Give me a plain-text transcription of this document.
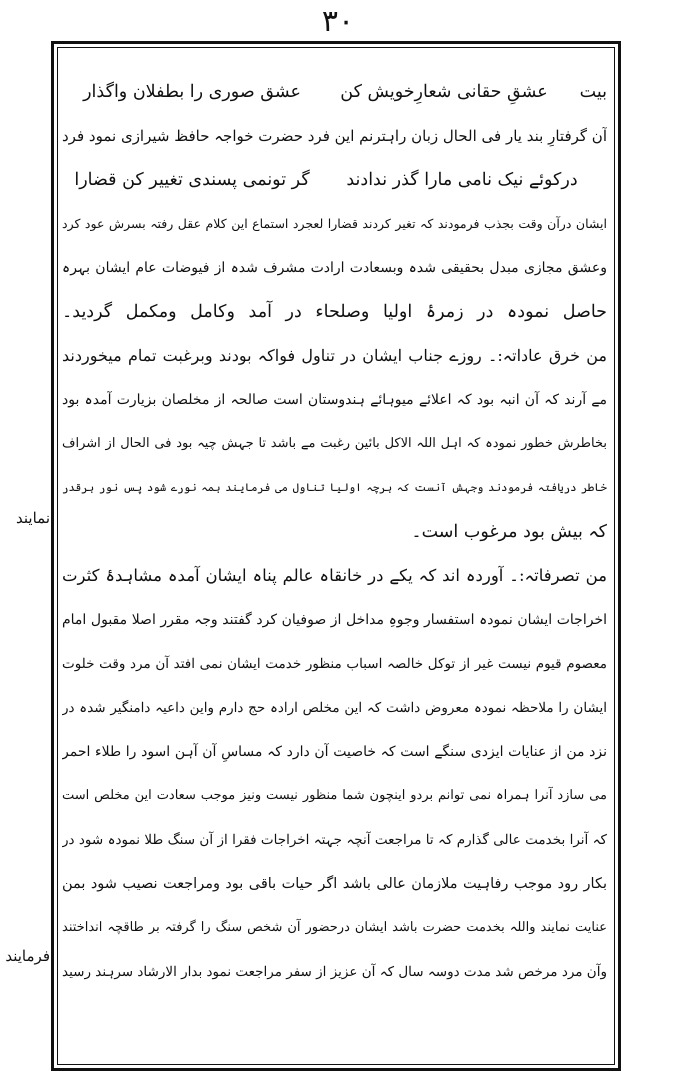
۳۰
نمایند
فرمایند
بیت
عشقِ حقانی شعارِخویش کن
عشق صوری را بطفلان واگذار
آن گرفتارِ بند یار فی الحال زبان راہترنم این فرد حضرت خواجہ حافظ شیرازی نمود فرد
درکوئے نیک نامی مارا گذر ندادند
گر تونمی پسندی تغییر کن قضارا
ایشان درآن وقت بجذب فرمودند کہ تغیر کردند قضارا لعجرد استماع این کلام عقل رفتہ بسرش عود کرد
وعشق مجازی مبدل بحقیقی شدہ وبسعادت ارادت مشرف شدہ از فیوضات عام ایشان بہرہ
حاصل نمودہ در زمرۂ اولیا وصلحاء در آمد وکامل ومکمل گردید۔
من خرق عاداتہ:۔ روزے جناب ایشان در تناول فواکہ بودند وبرغبت تمام میخوردند
مے آرند کہ آن انبہ بود کہ اعلائے میوہائے ہندوستان است صالحہ از مخلصان بزیارت آمدہ بود
بخاطرش خطور نمودہ کہ اہل اللہ الاکل بائین رغبت مے باشد تا جہش چیہ بود فی الحال از اشراف
خاطر دریافتہ فرمودند وجہش آنست کہ ہرچہ اولیا تناول می فرمایند ہمہ نورے شود پس نور ہرقدر
کہ بیش بود مرغوب است۔
من تصرفاتہ:۔ آوردہ اند کہ یکے در خانقاہ عالم پناہ ایشان آمدہ مشاہدۂ کثرت
اخراجات ایشان نمودہ استفسار وجوہِ مداخل از صوفیان کرد گفتند وجہ مقرر اصلا مقبول امام
معصوم قیوم نیست غیر از توکل خالصہ اسباب منظور خدمت ایشان نمی افتد آن مرد وقت خلوت
ایشان را ملاحظہ نمودہ معروض داشت کہ این مخلص ارادہ حج دارم واین داعیہ دامنگیر شدہ در
نزد من از عنایات ایزدی سنگے است کہ خاصیت آن دارد کہ مساسِ آن آہن اسود را طلاء احمر
می سازد آنرا ہمراہ نمی توانم بردو اینچون شما منظور نیست ونیز موجب سعادت این مخلص است
کہ آنرا بخدمت عالی گذارم کہ تا مراجعت آنچہ جہتہ اخراجات فقرا از آن سنگ طلا نمودہ شود در
بکار رود موجب رفاہیت ملازمان عالی باشد اگر حیات باقی بود ومراجعت نصیب شود بمن
عنایت نمایند واللہ بخدمت حضرت باشد ایشان درحضور آن شخص سنگ را گرفتہ بر طاقچہ انداختند
وآن مرد مرخص شد مدت دوسہ سال کہ آن عزیز از سفر مراجعت نمود بدار الارشاد سرہند رسید
